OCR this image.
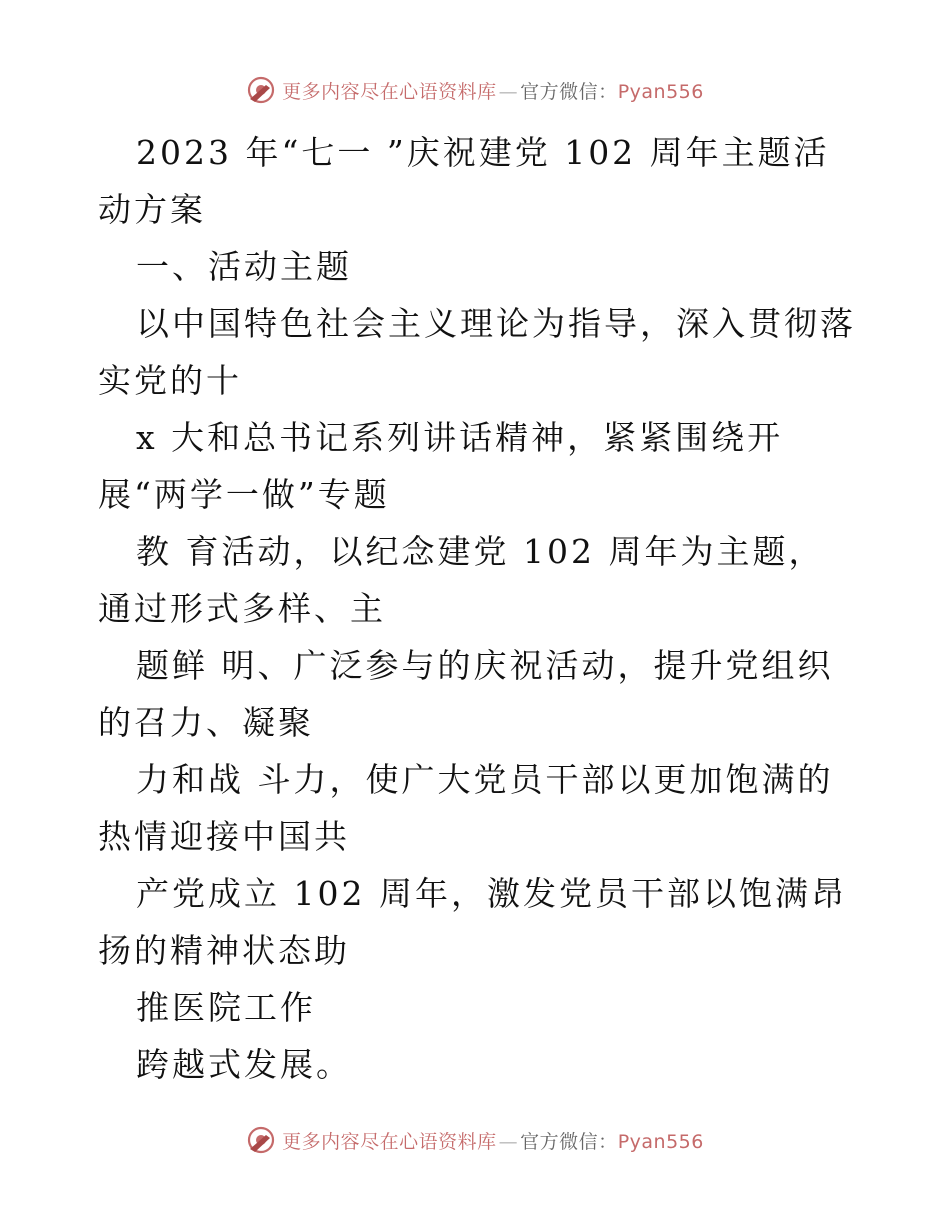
更多内容尽在心语资料库 — 官方微信：Pyan556

2023 年“七一 ”庆祝建党 102 周年主题活动方案

一、活动主题

以中国特色社会主义理论为指导，深入贯彻落实党的十

x 大和总书记系列讲话精神，紧紧围绕开展“两学一做”专题

教 育活动，以纪念建党 102 周年为主题，通过形式多样、主

题鲜 明、广泛参与的庆祝活动，提升党组织的召力、凝聚

力和战 斗力，使广大党员干部以更加饱满的热情迎接中国共

产党成立 102 周年，激发党员干部以饱满昂扬的精神状态助

推医院工作

跨越式发展。

更多内容尽在心语资料库 — 官方微信：Pyan556
